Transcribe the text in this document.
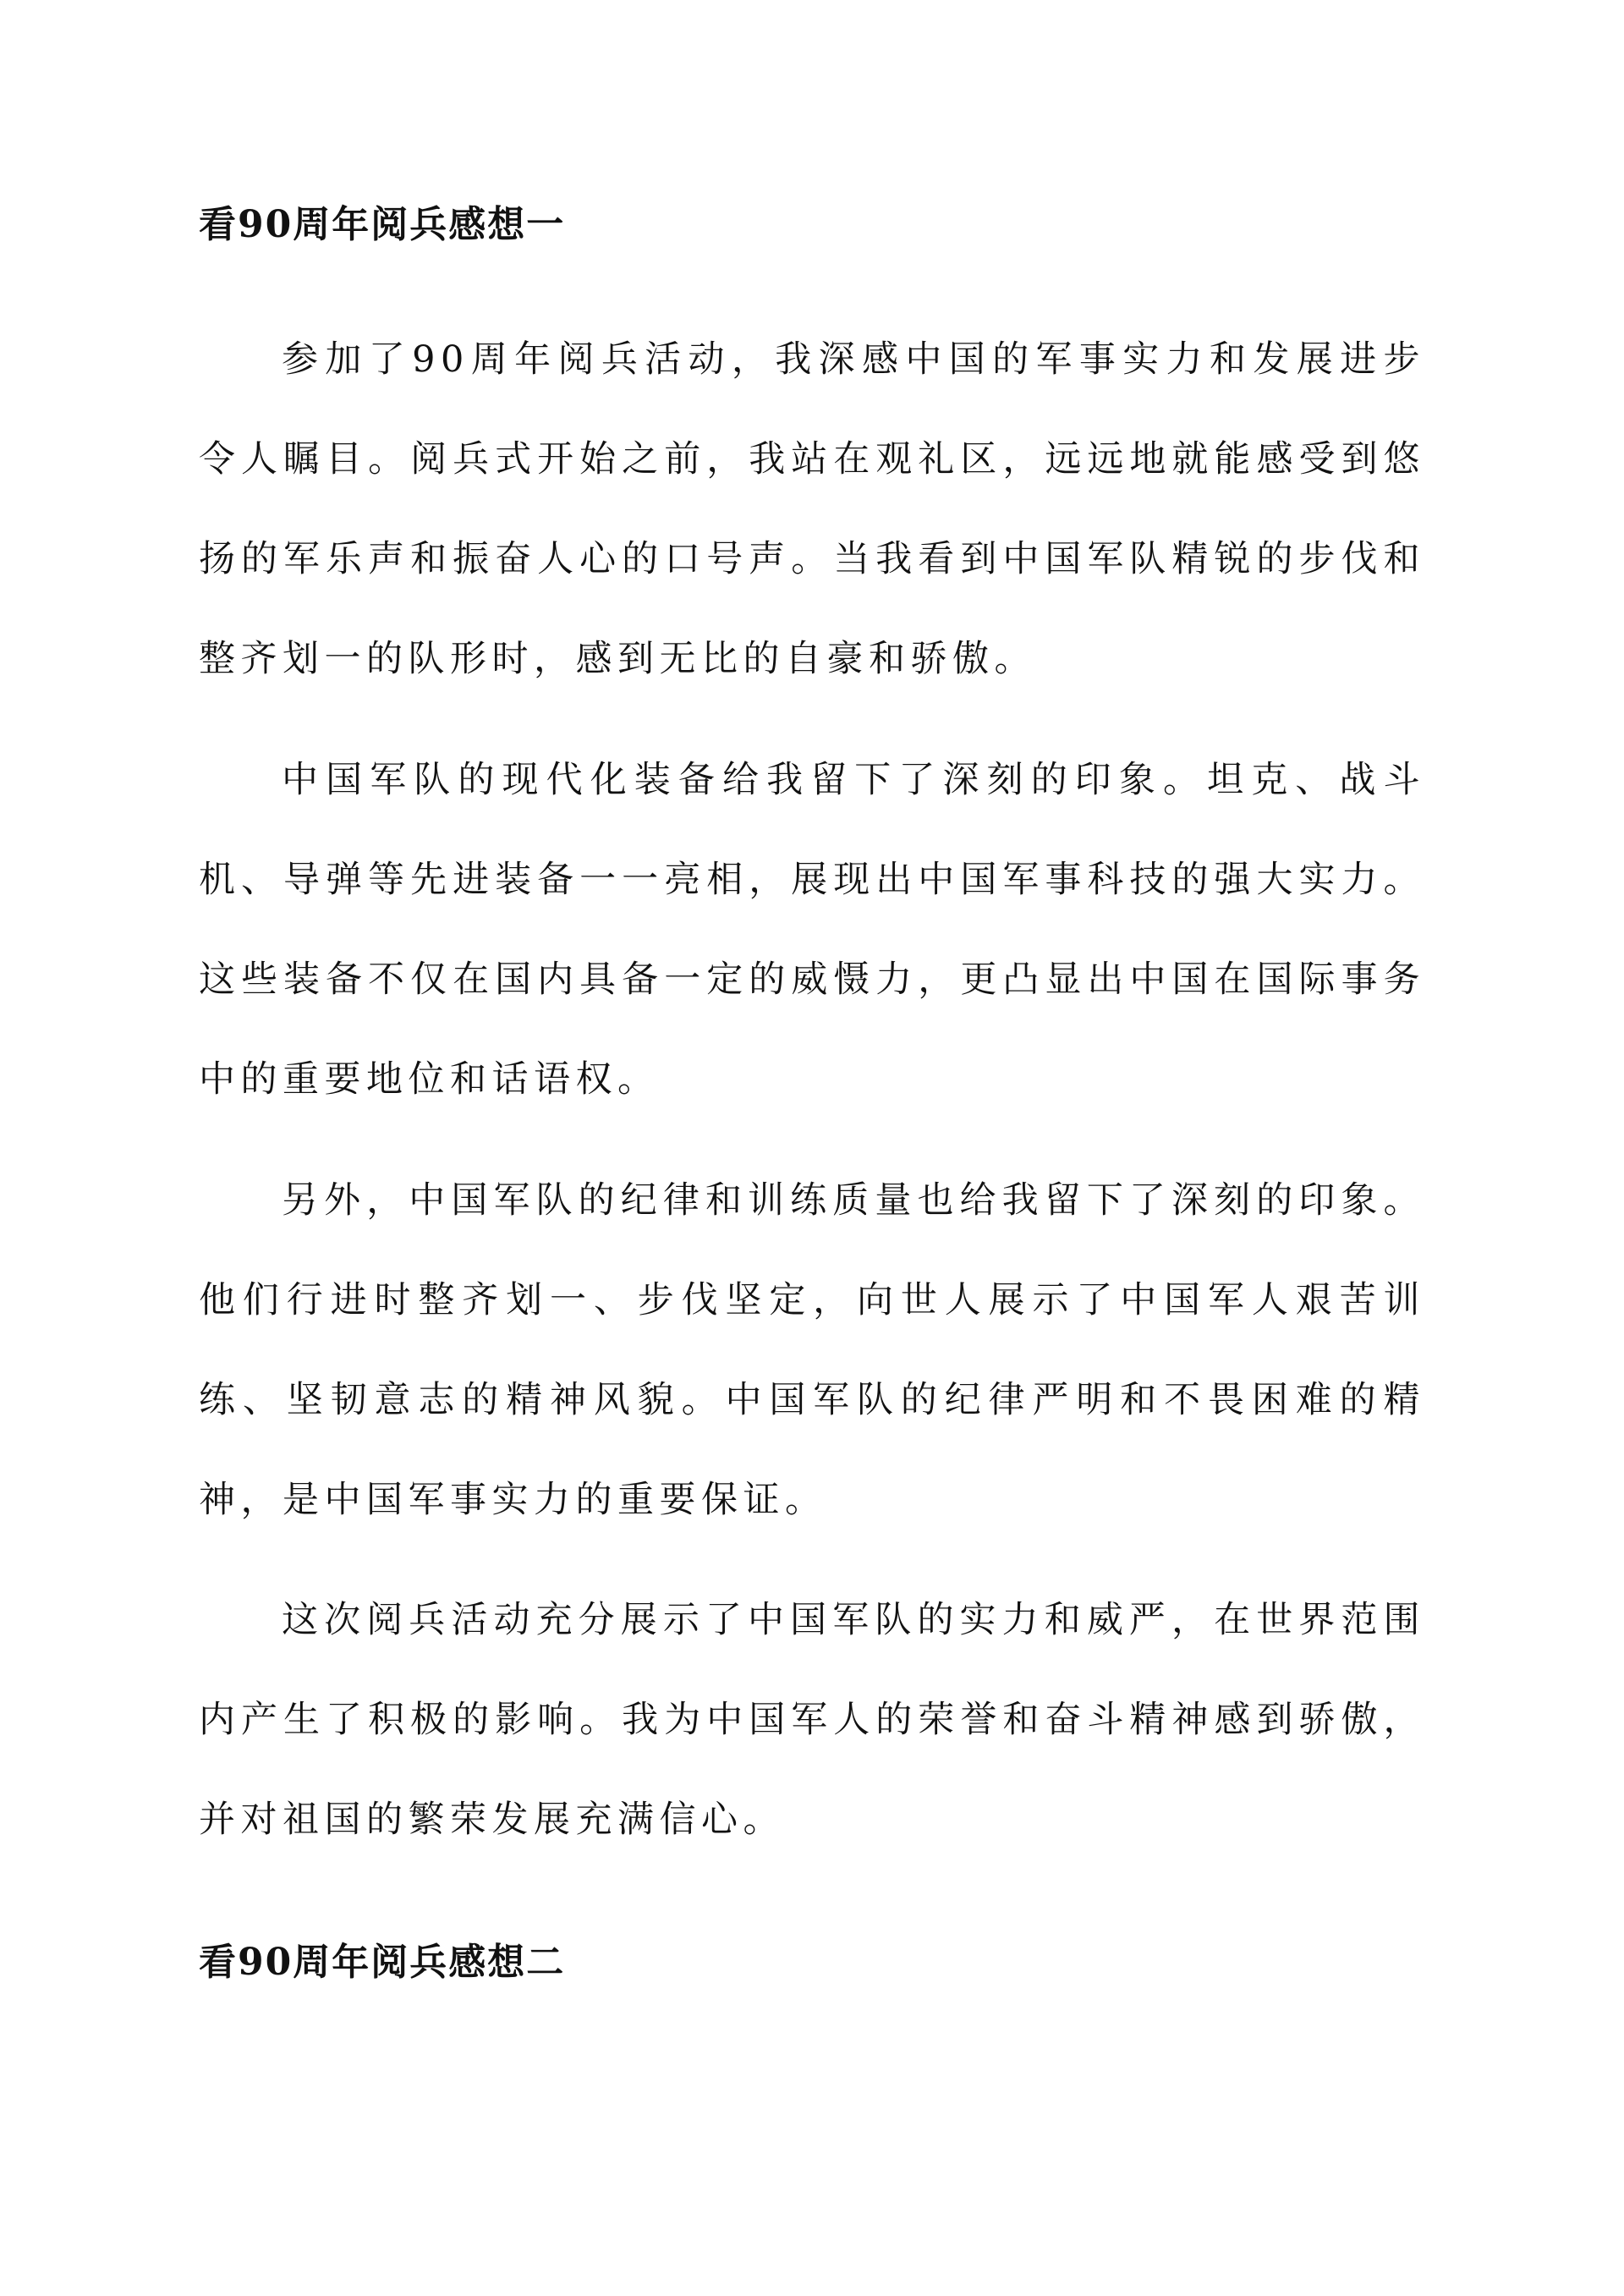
看90周年阅兵感想一

参加了90周年阅兵活动，我深感中国的军事实力和发展进步令人瞩目。阅兵式开始之前，我站在观礼区，远远地就能感受到悠扬的军乐声和振奋人心的口号声。当我看到中国军队精锐的步伐和整齐划一的队形时，感到无比的自豪和骄傲。

中国军队的现代化装备给我留下了深刻的印象。坦克、战斗机、导弹等先进装备一一亮相，展现出中国军事科技的强大实力。这些装备不仅在国内具备一定的威慑力，更凸显出中国在国际事务中的重要地位和话语权。

另外，中国军队的纪律和训练质量也给我留下了深刻的印象。他们行进时整齐划一、步伐坚定，向世人展示了中国军人艰苦训练、坚韧意志的精神风貌。中国军队的纪律严明和不畏困难的精神，是中国军事实力的重要保证。

这次阅兵活动充分展示了中国军队的实力和威严，在世界范围内产生了积极的影响。我为中国军人的荣誉和奋斗精神感到骄傲，并对祖国的繁荣发展充满信心。

看90周年阅兵感想二
